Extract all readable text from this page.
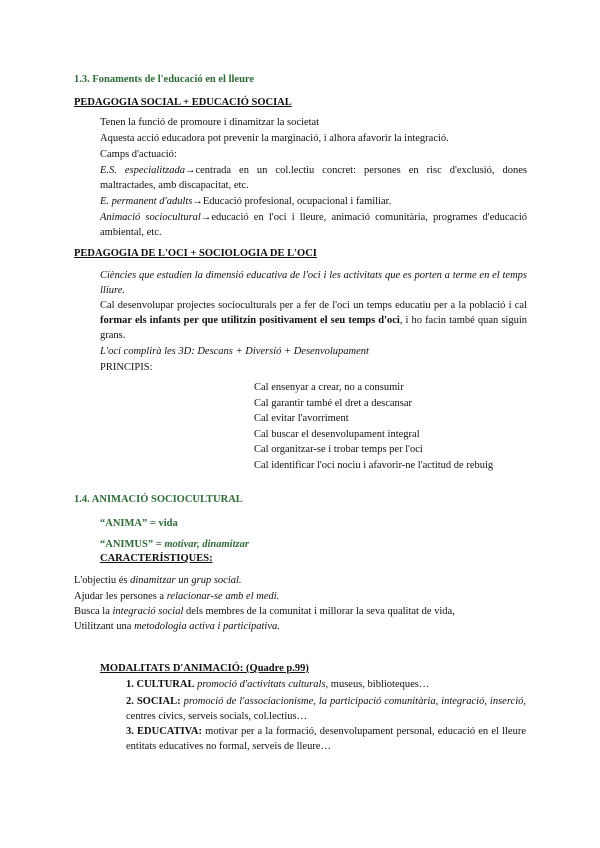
1.3. Fonaments de l'educació en el lleure
PEDAGOGIA SOCIAL + EDUCACIÓ SOCIAL
Tenen la funció de promoure i dinamitzar la societat
Aquesta acció educadora pot prevenir la marginació, i alhora afavorir la integració.
Camps d'actuació:
E.S. especialitzada→centrada en un col.lectiu concret: persones en risc d'exclusió, dones maltractades, amb discapacitat, etc.
E. permanent d'adults→Educació profesional, ocupacional i familiar.
Animació sociocultural→educació en l'oci i lleure, animació comunitària, programes d'educació ambiental, etc.
PEDAGOGIA DE L'OCI + SOCIOLOGIA DE L'OCI
Ciències que estudien la dimensió educativa de l'oci i les activitats que es porten a terme en el temps lliure.
Cal desenvolupar projectes socioculturals per a fer de l'oci un temps educatiu per a la població i cal formar els infants per que utilitzin positivament el seu temps d'oci, i ho facin també quan siguin grans.
L'oci complirà les 3D: Descans + Diversió + Desenvolupament
PRINCIPIS:
Cal ensenyar a crear, no a consumir
Cal garantir també el dret a descansar
Cal evitar l'avorriment
Cal buscar el desenvolupament integral
Cal organitzar-se i trobar temps per l'oci
Cal identificar l'oci nociu i afavorir-ne l'actitud de rebuig
1.4. ANIMACIÓ SOCIOCULTURAL
“ANIMA” = vida
“ANIMUS” = motivar, dinamitzar
CARACTERÍSTIQUES:
L'objectiu és dinamitzar un grup social.
Ajudar les persones a relacionar-se amb el medi.
Busca la integració social dels membres de la comunitat i millorar la seva qualitat de vida,
Utilitzant una metodologia activa i participativa.
MODALITATS D'ANIMACIÓ: (Quadre p.99)
1. CULTURAL promoció d'activitats culturals, museus, biblioteques…
2. SOCIAL: promoció de l'associacionisme, la participació comunitària, integració, inserció, centres cívics, serveis socials, col.lectius…
3. EDUCATIVA: motivar per a la formació, desenvolupament personal, educació en el lleure entitats educatives no formal, serveis de lleure…
